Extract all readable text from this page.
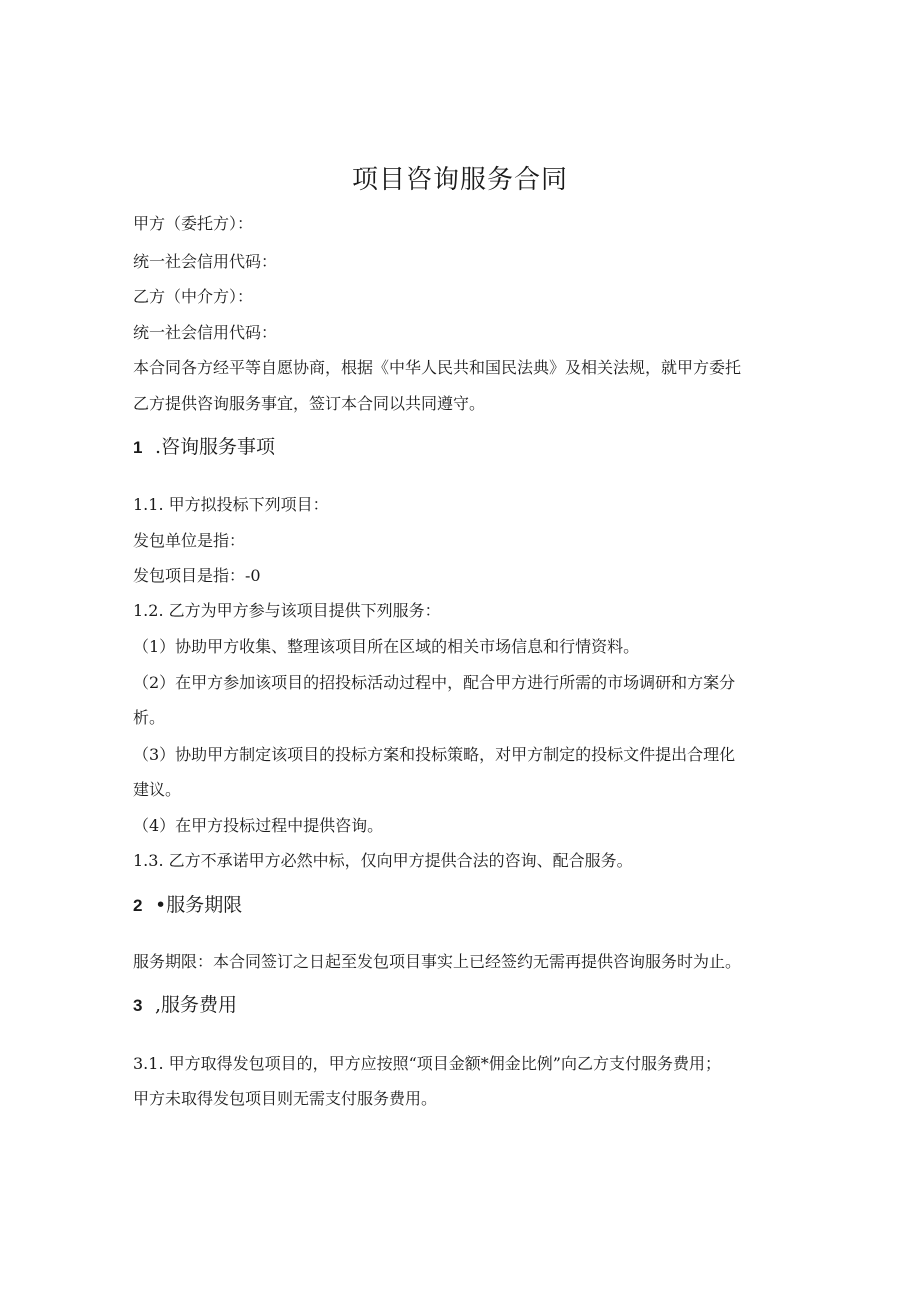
项目咨询服务合同
甲方（委托方）：
统一社会信用代码：
乙方（中介方）：
统一社会信用代码：
本合同各方经平等自愿协商，根据《中华人民共和国民法典》及相关法规，就甲方委托
乙方提供咨询服务事宜，签订本合同以共同遵守。
1 .咨询服务事项
1.1. 甲方拟投标下列项目：
发包单位是指：
发包项目是指：-0
1.2. 乙方为甲方参与该项目提供下列服务：
（1）协助甲方收集、整理该项目所在区域的相关市场信息和行情资料。
（2）在甲方参加该项目的招投标活动过程中，配合甲方进行所需的市场调研和方案分
析。
（3）协助甲方制定该项目的投标方案和投标策略，对甲方制定的投标文件提出合理化
建议。
（4）在甲方投标过程中提供咨询。
1.3. 乙方不承诺甲方必然中标，仅向甲方提供合法的咨询、配合服务。
2 •服务期限
服务期限：本合同签订之日起至发包项目事实上已经签约无需再提供咨询服务时为止。
3 ,服务费用
3.1. 甲方取得发包项目的，甲方应按照“项目金额*佣金比例”向乙方支付服务费用；
甲方未取得发包项目则无需支付服务费用。
